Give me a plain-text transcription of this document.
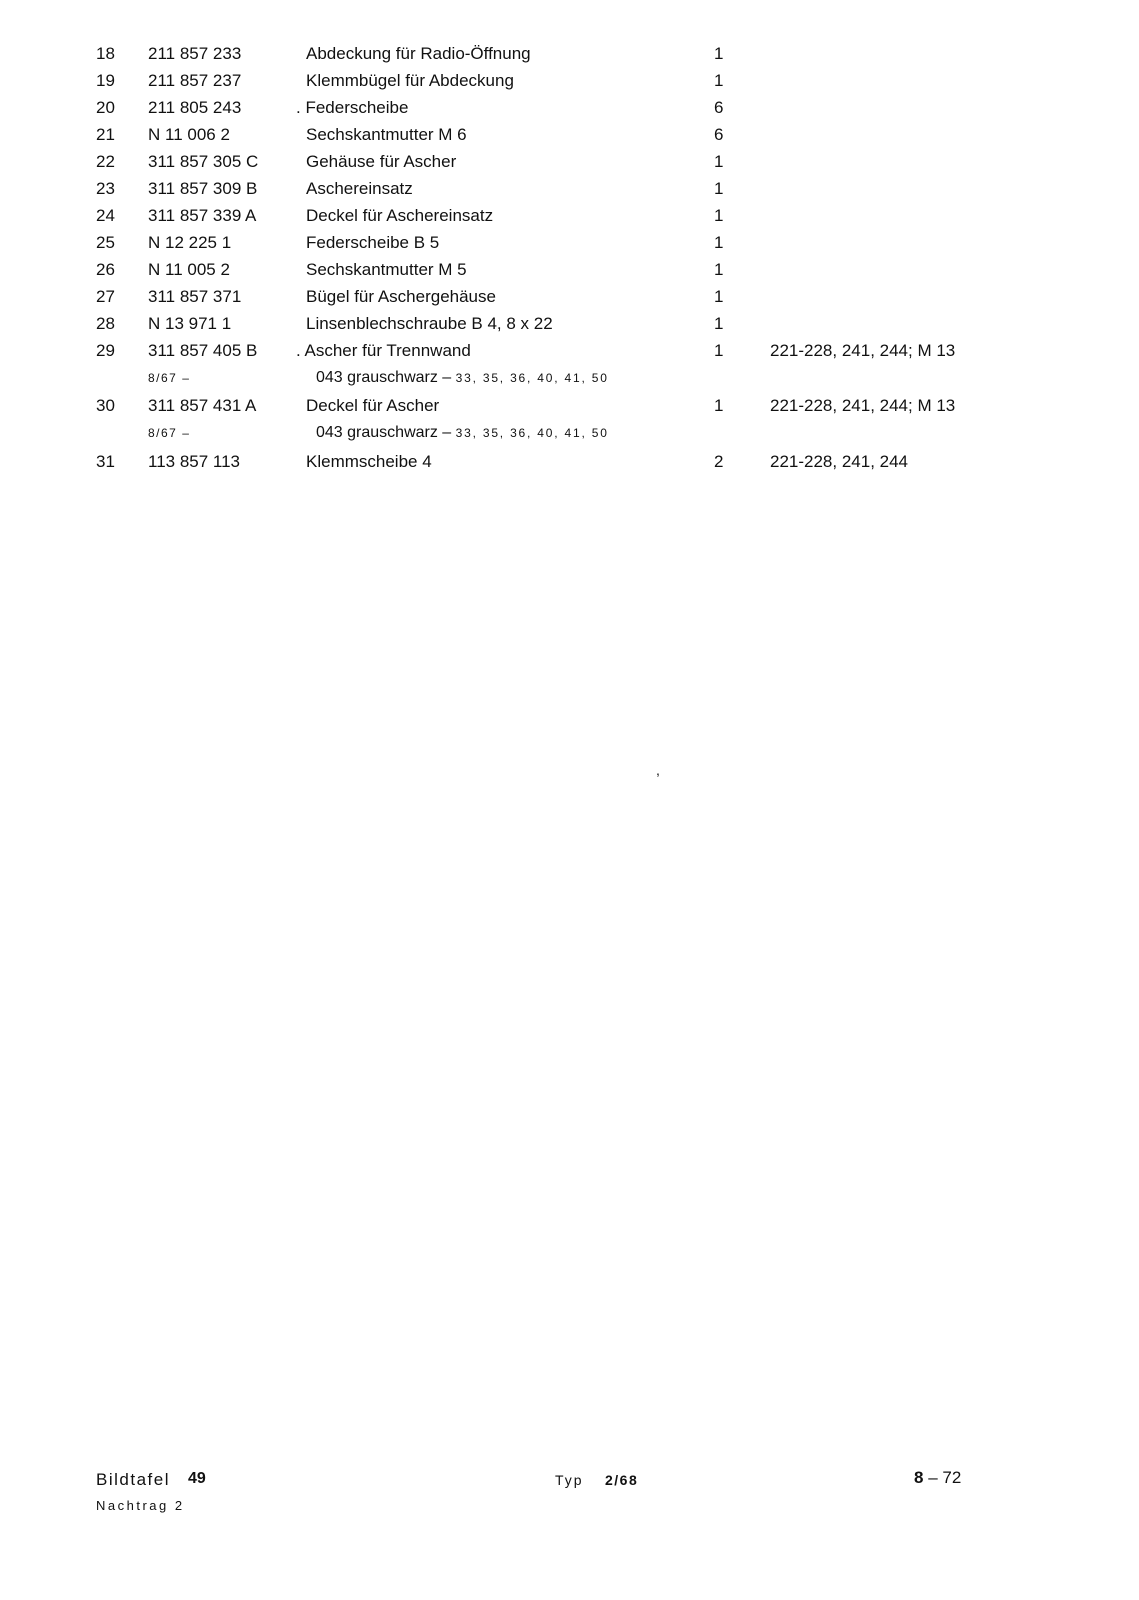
18 211 857 233	Abdeckung für Radio-Öffnung	1
19 211 857 237	Klemmbügel für Abdeckung	1
20 211 805 243	. Federscheibe	6
21 N 11 006 2	Sechskantmutter M 6	6
22 311 857 305 C	Gehäuse für Ascher	1
23 311 857 309 B	Aschereinsatz	1
24 311 857 339 A	Deckel für Aschereinsatz	1
25 N 12 225 1	Federscheibe B 5	1
26 N 11 005 2	Sechskantmutter M 5	1
27 311 857 371	Bügel für Aschergehäuse	1
28 N 13 971 1	Linsenblechschraube B 4, 8 x 22	1
29 311 857 405 B . Ascher für Trennwand	1	221-228, 241, 244; M 13
8/67 –	043 grauschwarz – 33, 35, 36, 40, 41, 50
30 311 857 431 A	Deckel für Ascher	1	221-228, 241, 244; M 13
8/67 –	043 grauschwarz – 33, 35, 36, 40, 41, 50
31 113 857 113	Klemmscheibe 4	2	221-228, 241, 244
,
Bildtafel 49
Nachtrag 2
Typ 2/68	8 – 72
